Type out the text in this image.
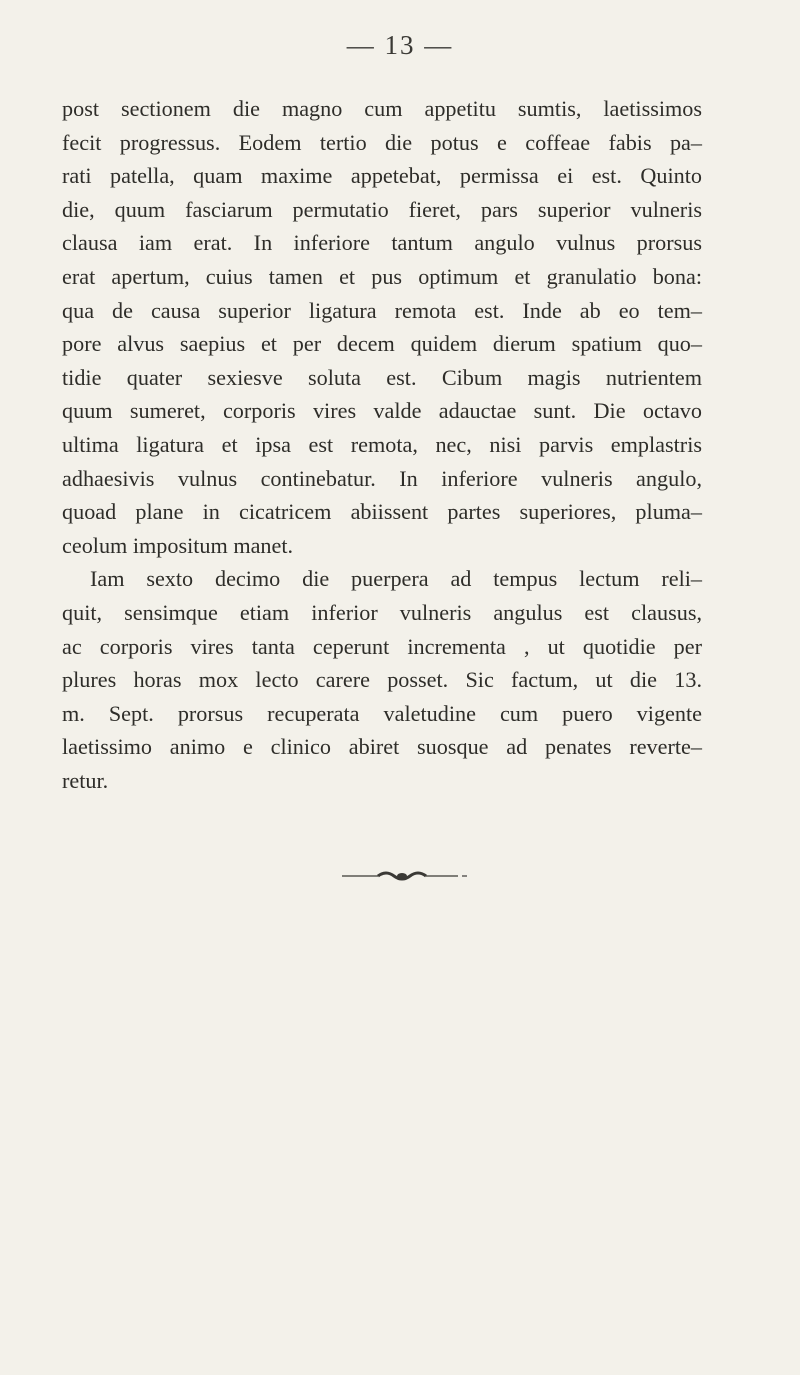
— 13 —
post sectionem die magno cum appetitu sumtis, laetissimos
fecit progressus. Eodem tertio die potus e coffeae fabis pa–
rati patella, quam maxime appetebat, permissa ei est. Quinto
die, quum fasciarum permutatio fieret, pars superior vulneris
clausa iam erat. In inferiore tantum angulo vulnus prorsus
erat apertum, cuius tamen et pus optimum et granulatio bona:
qua de causa superior ligatura remota est. Inde ab eo tem–
pore alvus saepius et per decem quidem dierum spatium quo–
tidie quater sexiesve soluta est. Cibum magis nutrientem
quum sumeret, corporis vires valde adauctae sunt. Die octavo
ultima ligatura et ipsa est remota, nec, nisi parvis emplastris
adhaesivis vulnus continebatur. In inferiore vulneris angulo,
quoad plane in cicatricem abiissent partes superiores, pluma–
ceolum impositum manet.
Iam sexto decimo die puerpera ad tempus lectum reli–
quit, sensimque etiam inferior vulneris angulus est clausus,
ac corporis vires tanta ceperunt incrementa , ut quotidie per
plures horas mox lecto carere posset. Sic factum, ut die 13.
m. Sept. prorsus recuperata valetudine cum puero vigente
laetissimo animo e clinico abiret suosque ad penates reverte–
retur.
